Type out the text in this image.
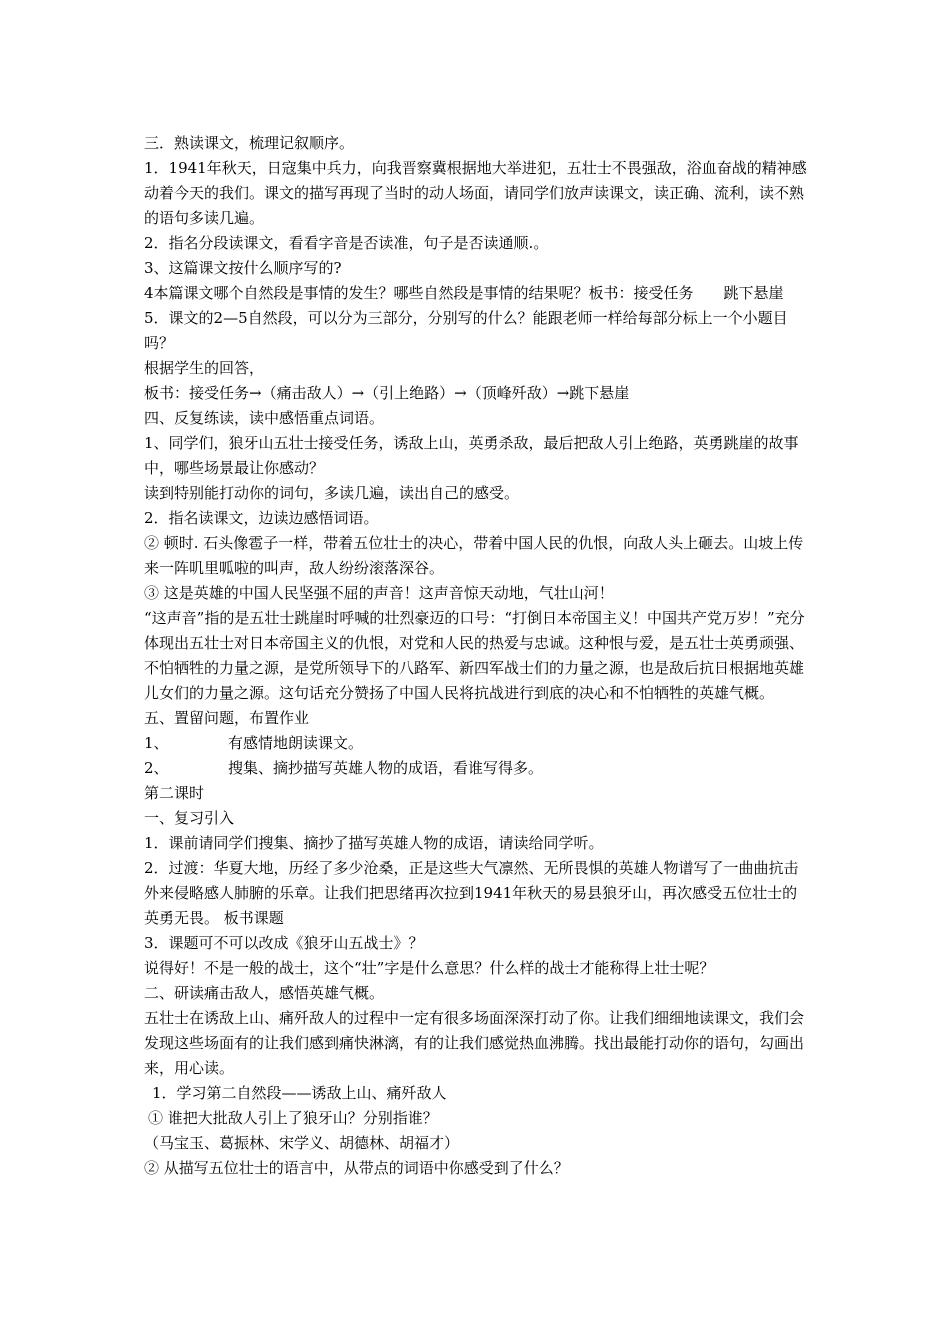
三．熟读课文，梳理记叙顺序。

1．1941年秋天，日寇集中兵力，向我晋察冀根据地大举进犯，五壮士不畏强敌，浴血奋战的精神感动着今天的我们。课文的描写再现了当时的动人场面，请同学们放声读课文，读正确、流利，读不熟的语句多读几遍。

2．指名分段读课文，看看字音是否读准，句子是否读通顺.。

3、这篇课文按什么顺序写的?

4本篇课文哪个自然段是事情的发生？哪些自然段是事情的结果呢？板书：接受任务　　跳下悬崖

5．课文的2—5自然段，可以分为三部分，分别写的什么？能跟老师一样给每部分标上一个小题目吗？

根据学生的回答，

板书：接受任务→（痛击敌人）→（引上绝路）→（顶峰歼敌）→跳下悬崖

四、反复练读，读中感悟重点词语。

1、同学们，狼牙山五壮士接受任务，诱敌上山，英勇杀敌，最后把敌人引上绝路，英勇跳崖的故事中，哪些场景最让你感动？

读到特别能打动你的词句，多读几遍，读出自己的感受。

2．指名读课文，边读边感悟词语。

② 顿时. 石头像雹子一样，带着五位壮士的决心，带着中国人民的仇恨，向敌人头上砸去。山坡上传来一阵叽里呱啦的叫声，敌人纷纷滚落深谷。

③ 这是英雄的中国人民坚强不屈的声音！这声音惊天动地，气壮山河！

“这声音”指的是五壮士跳崖时呼喊的壮烈豪迈的口号：“打倒日本帝国主义！中国共产党万岁！”充分体现出五壮士对日本帝国主义的仇恨，对党和人民的热爱与忠诚。这种恨与爱，是五壮士英勇顽强、不怕牺牲的力量之源，是党所领导下的八路军、新四军战士们的力量之源，也是敌后抗日根据地英雄儿女们的力量之源。这句话充分赞扬了中国人民将抗战进行到底的决心和不怕牺牲的英雄气概。

五、置留问题，布置作业

1、	有感情地朗读课文。
2、	搜集、摘抄描写英雄人物的成语，看谁写得多。

第二课时

一、复习引入

1．课前请同学们搜集、摘抄了描写英雄人物的成语，请读给同学听。

2．过渡：华夏大地，历经了多少沧桑，正是这些大气凛然、无所畏惧的英雄人物谱写了一曲曲抗击外来侵略感人肺腑的乐章。让我们把思绪再次拉到1941年秋天的易县狼牙山，再次感受五位壮士的英勇无畏。 板书课题

3．课题可不可以改成《狼牙山五战士》？

说得好！不是一般的战士，这个“壮”字是什么意思？什么样的战士才能称得上壮士呢？

二、研读痛击敌人，感悟英雄气概。

五壮士在诱敌上山、痛歼敌人的过程中一定有很多场面深深打动了你。让我们细细地读课文，我们会发现这些场面有的让我们感到痛快淋漓，有的让我们感觉热血沸腾。找出最能打动你的语句，勾画出来，用心读。

1．学习第二自然段——诱敌上山、痛歼敌人

① 谁把大批敌人引上了狼牙山？分别指谁？

（马宝玉、葛振林、宋学义、胡德林、胡福才）

② 从描写五位壮士的语言中，从带点的词语中你感受到了什么？
